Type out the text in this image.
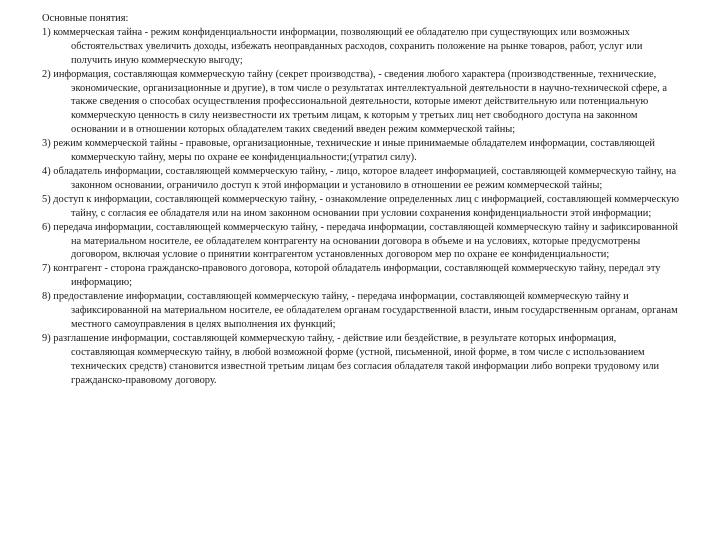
Основные понятия:

1) коммерческая тайна - режим конфиденциальности информации, позволяющий ее обладателю при существующих или возможных обстоятельствах увеличить доходы, избежать неоправданных расходов, сохранить положение на рынке товаров, работ, услуг или получить иную коммерческую выгоду;

2) информация, составляющая коммерческую тайну (секрет производства), - сведения любого характера (производственные, технические, экономические, организационные и другие), в том числе о результатах интеллектуальной деятельности в научно-технической сфере, а также сведения о способах осуществления профессиональной деятельности, которые имеют действительную или потенциальную коммерческую ценность в силу неизвестности их третьим лицам, к которым у третьих лиц нет свободного доступа на законном основании и в отношении которых обладателем таких сведений введен режим коммерческой тайны;

3) режим коммерческой тайны - правовые, организационные, технические и иные принимаемые обладателем информации, составляющей коммерческую тайну, меры по охране ее конфиденциальности;(утратил силу).

4) обладатель информации, составляющей коммерческую тайну, - лицо, которое владеет информацией, составляющей коммерческую тайну, на законном основании, ограничило доступ к этой информации и установило в отношении ее режим коммерческой тайны;

5) доступ к информации, составляющей коммерческую тайну, - ознакомление определенных лиц с информацией, составляющей коммерческую тайну, с согласия ее обладателя или на ином законном основании при условии сохранения конфиденциальности этой информации;

6) передача информации, составляющей коммерческую тайну, - передача информации, составляющей коммерческую тайну и зафиксированной на материальном носителе, ее обладателем контрагенту на основании договора в объеме и на условиях, которые предусмотрены договором, включая условие о принятии контрагентом установленных договором мер по охране ее конфиденциальности;

7) контрагент - сторона гражданско-правового договора, которой обладатель информации, составляющей коммерческую тайну, передал эту информацию;

8) предоставление информации, составляющей коммерческую тайну, - передача информации, составляющей коммерческую тайну и зафиксированной на материальном носителе, ее обладателем органам государственной власти, иным государственным органам, органам местного самоуправления в целях выполнения их функций;

9) разглашение информации, составляющей коммерческую тайну, - действие или бездействие, в результате которых информация, составляющая коммерческую тайну, в любой возможной форме (устной, письменной, иной форме, в том числе с использованием технических средств) становится известной третьим лицам без согласия обладателя такой информации либо вопреки трудовому или гражданско-правовому договору.
